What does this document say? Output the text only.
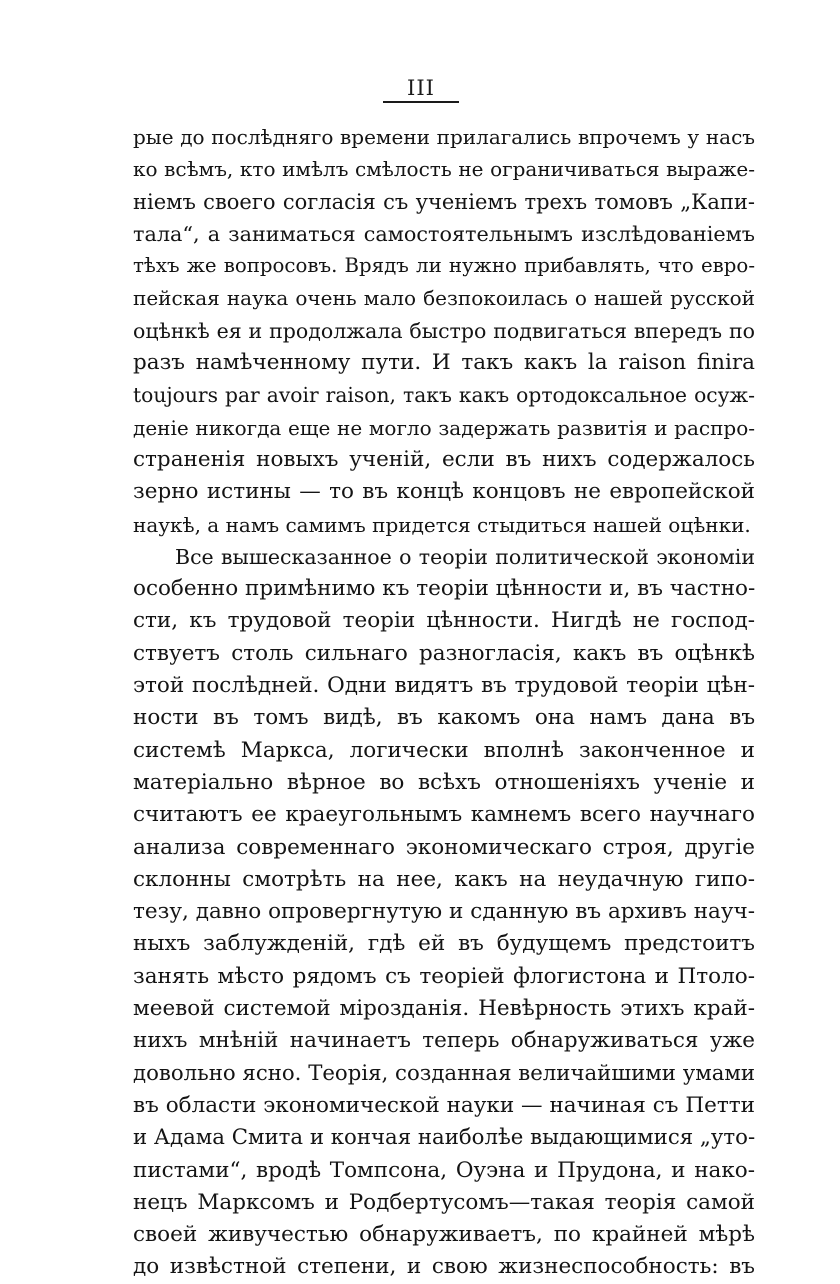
III
рые до послѣдняго времени прилагались впрочемъ у насъ
ко всѣмъ, кто имѣлъ смѣлость не ограничиваться выраже-
ніемъ своего согласія съ ученіемъ трехъ томовъ „Капи-
тала“, а заниматься самостоятельнымъ изслѣдованіемъ
тѣхъ же вопросовъ. Врядъ ли нужно прибавлять, что евро-
пейская наука очень мало безпокоилась о нашей русской
оцѣнкѣ ея и продолжала быстро подвигаться впередъ по
разъ намѣченному пути. И такъ какъ la raison finira
toujours par avoir raison, такъ какъ ортодоксальное осуж-
деніе никогда еще не могло задержать развитія и распро-
страненія новыхъ ученій, если въ нихъ содержалось
зерно истины — то въ концѣ концовъ не европейской
наукѣ, а намъ самимъ придется стыдиться нашей оцѣнки.
Все вышесказанное о теоріи политической экономіи
особенно примѣнимо къ теоріи цѣнности и, въ частно-
сти, къ трудовой теоріи цѣнности. Нигдѣ не господ-
ствуетъ столь сильнаго разногласія, какъ въ оцѣнкѣ
этой послѣдней. Одни видятъ въ трудовой теоріи цѣн-
ности въ томъ видѣ, въ какомъ она намъ дана въ
системѣ Маркса, логически вполнѣ законченное и
матеріально вѣрное во всѣхъ отношеніяхъ ученіе и
считаютъ ее краеугольнымъ камнемъ всего научнаго
анализа современнаго экономическаго строя, другіе
склонны смотрѣть на нее, какъ на неудачную гипо-
тезу, давно опровергнутую и сданную въ архивъ науч-
ныхъ заблужденій, гдѣ ей въ будущемъ предстоитъ
занять мѣсто рядомъ съ теоріей флогистона и Птоло-
меевой системой мірозданія. Невѣрность этихъ край-
нихъ мнѣній начинаетъ теперь обнаруживаться уже
довольно ясно. Теорія, созданная величайшими умами
въ области экономической науки — начиная съ Петти
и Адама Смита и кончая наиболѣе выдающимися „уто-
пистами“, вродѣ Томпсона, Оуэна и Прудона, и нако-
нецъ Марксомъ и Родбертусомъ—такая теорія самой
своей живучестью обнаруживаетъ, по крайней мѣрѣ
до извѣстной степени, и свою жизнеспособность: въ
